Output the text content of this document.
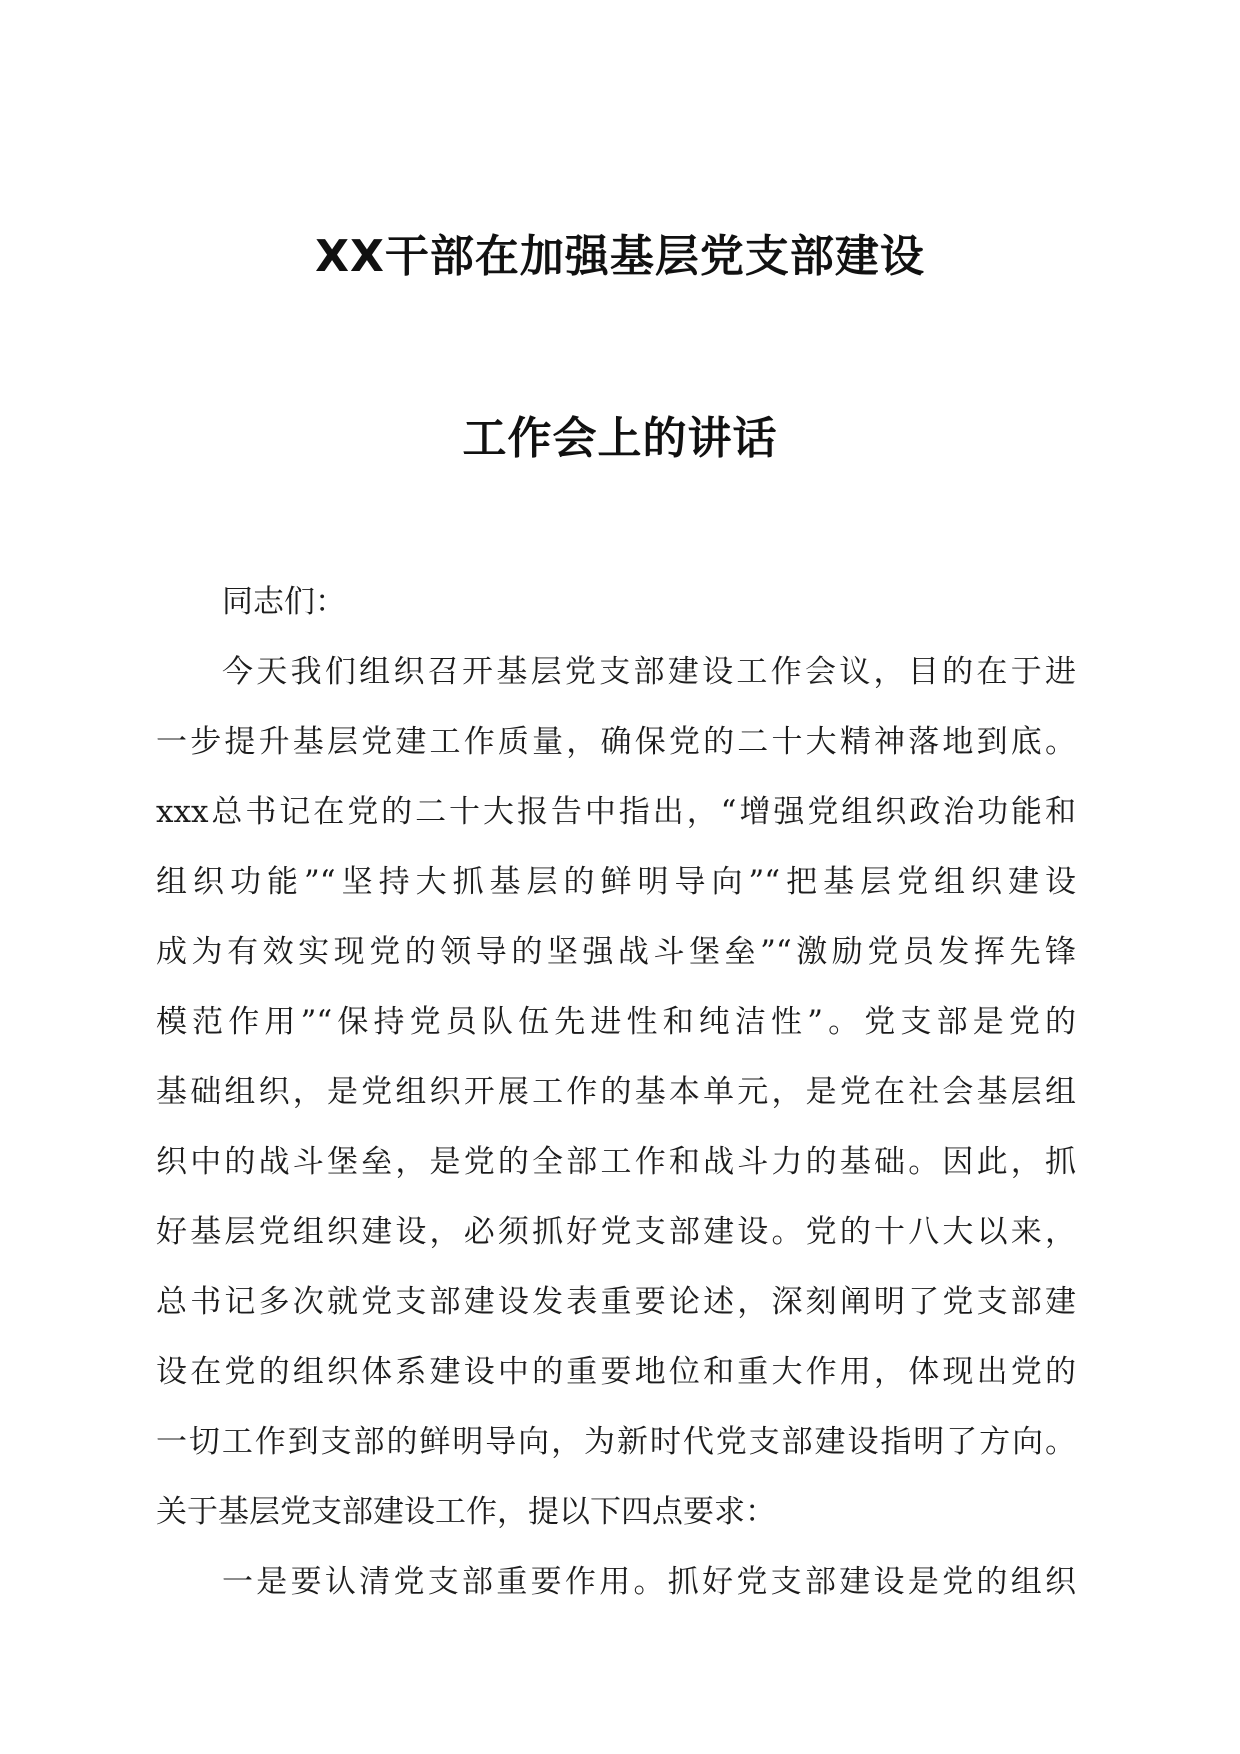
XX干部在加强基层党支部建设
工作会上的讲话
同志们：
今天我们组织召开基层党支部建设工作会议，目的在于进
一步提升基层党建工作质量，确保党的二十大精神落地到底。
xxx总书记在党的二十大报告中指出，“增强党组织政治功能和
组织功能”“坚持大抓基层的鲜明导向”“把基层党组织建设
成为有效实现党的领导的坚强战斗堡垒”“激励党员发挥先锋
模范作用”“保持党员队伍先进性和纯洁性”。党支部是党的
基础组织，是党组织开展工作的基本单元，是党在社会基层组
织中的战斗堡垒，是党的全部工作和战斗力的基础。因此，抓
好基层党组织建设，必须抓好党支部建设。党的十八大以来，
总书记多次就党支部建设发表重要论述，深刻阐明了党支部建
设在党的组织体系建设中的重要地位和重大作用，体现出党的
一切工作到支部的鲜明导向，为新时代党支部建设指明了方向。
关于基层党支部建设工作，提以下四点要求：
一是要认清党支部重要作用。抓好党支部建设是党的组织
